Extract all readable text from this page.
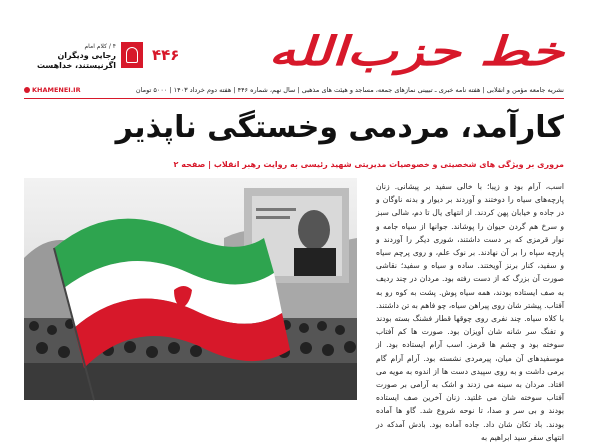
خط حزب‌الله
۴۴۶
۴ / کلام امام
رجایی ودیگران
اگرنیستند، خداهست
KHAMENEI.IR	نشریه جامعه مؤمن و انقلابی | هفته نامه خبری ـ تبیینی نمازهای جمعه، مساجد و هیئت های مذهبی | سال نهم، شماره ۴۴۶ | هفته دوم خرداد ۱۴۰۳ | ۵۰۰۰ تومان
کارآمد، مردمی وخستگی ناپذیر
مروری بر ویژگی های شخصیتی و خصوصیات مدیریتی شهید رئیسی به روایت رهبر انقلاب | صفحه ۲
اسب، آرام بود و زیبا؛ با خالی سفید بر پیشانی. زنان پارچه‌های سیاه را دوختند و آوردند بر دیوار و بدنه ناوگان و در جاده و خیابان پهن کردند. از انتهای یال تا دم، شالی سبز و سرخ هم گردن حیوان را پوشاند. جوانها از سیاه جامه و نوار قرمزی که بر دست داشتند، شوری دیگر را آوردند و پارچه سپاه را بر آن نهادند. بر نوک علم، و روی پرچم سیاه و سفید، کنار برنز آویختند. ساده و سیاه و سفید؛ نقاشی صورت آن بزرگ که از دست رفته بود. مردان در چند ردیف به صف ایستاده بودند، همه سیاه پوش. پشت به کوه رو به آفتاب. پیشتر شان روی پیراهن سیاه، چو فاهم به تن داشتند. با کلاه سیاه. چند نفری روی چوقها قطار فشنگ بسته بودند و تفنگ سر شانه شان آویزان بود. صورت ها کم آفتاب سوخته بود و چشم ها قرمز. اسب آرام ایستاده بود. از موسفیدهای آن میان، پیرمردی نشسته بود. آرام آرام گام برمی داشت و به روی سپیدی دست ها از اندوه به مویه می افتاد. مردان به سینه می زدند و اشک به آرامی بر صورت آفتاب سوخته شان می غلتید. زنان آخرین صف ایستاده بودند و بی سر و صدا، تا نوحه شروع شد. گاو ها آماده بودند. باد تکان شان داد. جاده آماده بود. بادش آمدکه در انتهای سفر سید ابراهیم به
